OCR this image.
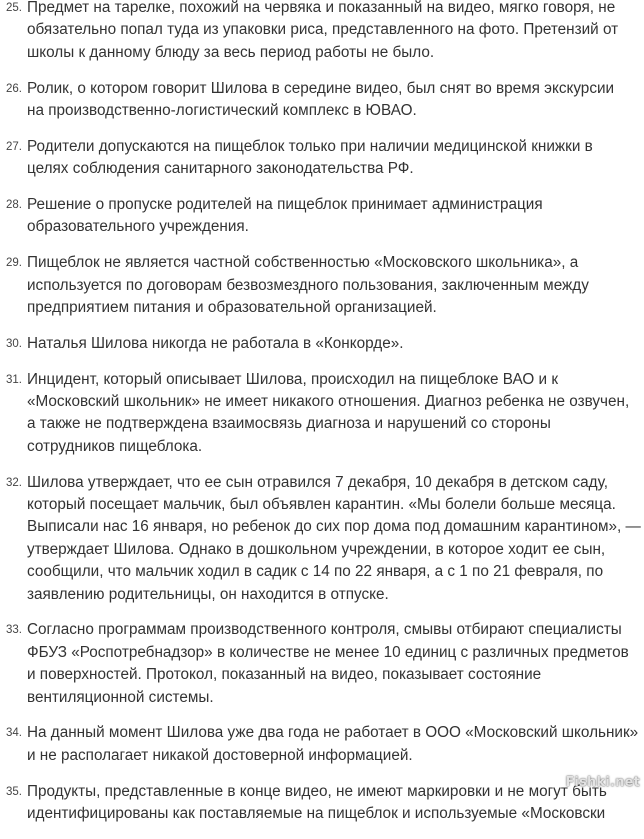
25. Предмет на тарелке, похожий на червяка и показанный на видео, мягко говоря, не
обязательно попал туда из упаковки риса, представленного на фото. Претензий от
школы к данному блюду за весь период работы не было.
26. Ролик, о котором говорит Шилова в середине видео, был снят во время экскурсии
на производственно-логистический комплекс в ЮВАО.
27. Родители допускаются на пищеблок только при наличии медицинской книжки в
целях соблюдения санитарного законодательства РФ.
28. Решение о пропуске родителей на пищеблок принимает администрация
образовательного учреждения.
29. Пищеблок не является частной собственностью «Московского школьника», а
используется по договорам безвозмездного пользования, заключенным между
предприятием питания и образовательной организацией.
30. Наталья Шилова никогда не работала в «Конкорде».
31. Инцидент, который описывает Шилова, происходил на пищеблоке ВАО и к
«Московский школьник» не имеет никакого отношения. Диагноз ребенка не озвучен,
а также не подтверждена взаимосвязь диагноза и нарушений со стороны
сотрудников пищеблока.
32. Шилова утверждает, что ее сын отравился 7 декабря, 10 декабря в детском саду,
который посещает мальчик, был объявлен карантин. «Мы болели больше месяца.
Выписали нас 16 января, но ребенок до сих пор дома под домашним карантином», —
утверждает Шилова. Однако в дошкольном учреждении, в которое ходит ее сын,
сообщили, что мальчик ходил в садик с 14 по 22 января, а с 1 по 21 февраля, по
заявлению родительницы, он находится в отпуске.
33. Согласно программам производственного контроля, смывы отбирают специалисты
ФБУЗ «Роспотребнадзор» в количестве не менее 10 единиц с различных предметов
и поверхностей. Протокол, показанный на видео, показывает состояние
вентиляционной системы.
34. На данный момент Шилова уже два года не работает в ООО «Московский школьник»
и не располагает никакой достоверной информацией.
35. Продукты, представленные в конце видео, не имеют маркировки и не могут быть
идентифицированы как поставляемые на пищеблок и используемые «Московски
Fishki.net
